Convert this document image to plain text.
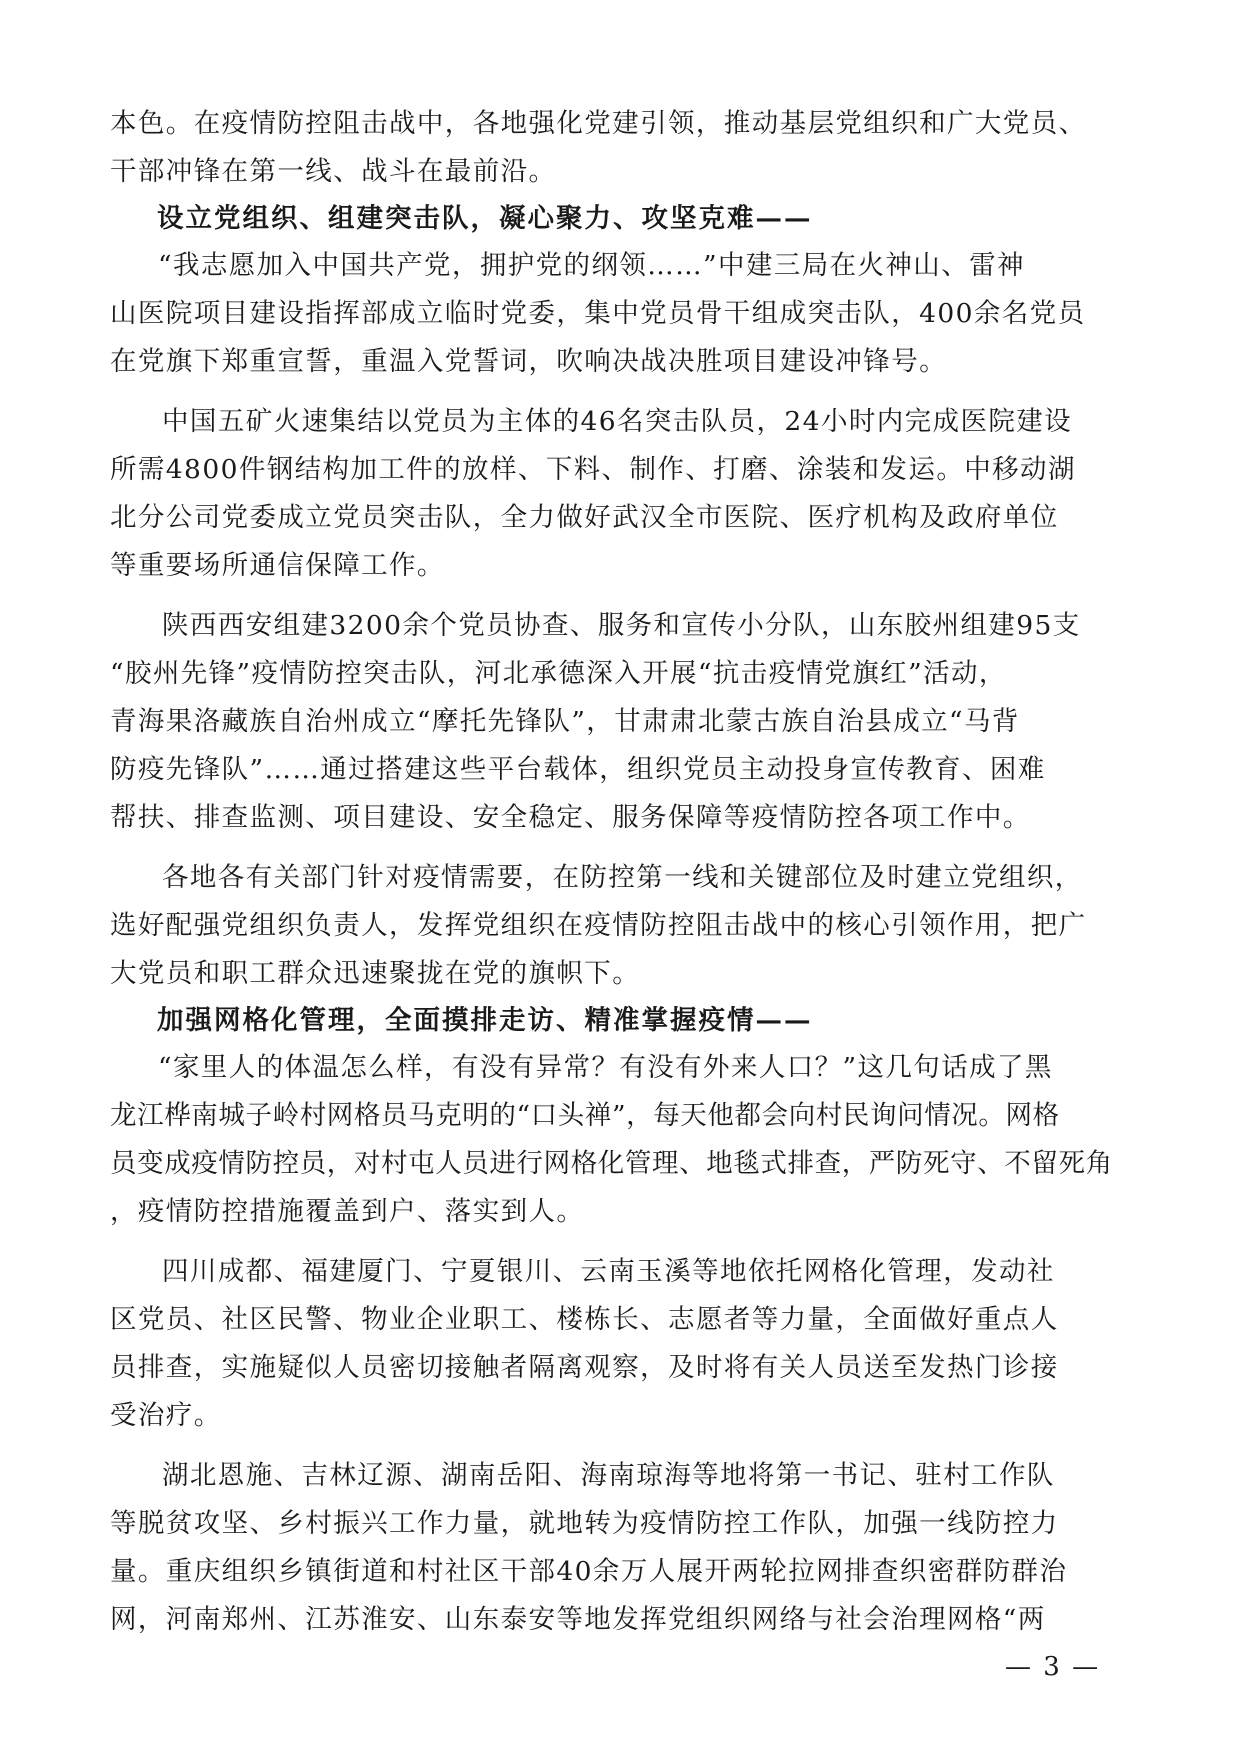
本色。在疫情防控阻击战中，各地强化党建引领，推动基层党组织和广大党员、
干部冲锋在第一线、战斗在最前沿。
设立党组织、组建突击队，凝心聚力、攻坚克难——
“我志愿加入中国共产党，拥护党的纲领……”中建三局在火神山、雷神
山医院项目建设指挥部成立临时党委，集中党员骨干组成突击队，400余名党员
在党旗下郑重宣誓，重温入党誓词，吹响决战决胜项目建设冲锋号。
中国五矿火速集结以党员为主体的46名突击队员，24小时内完成医院建设
所需4800件钢结构加工件的放样、下料、制作、打磨、涂装和发运。中移动湖
北分公司党委成立党员突击队，全力做好武汉全市医院、医疗机构及政府单位
等重要场所通信保障工作。
陕西西安组建3200余个党员协查、服务和宣传小分队，山东胶州组建95支
“胶州先锋”疫情防控突击队，河北承德深入开展“抗击疫情党旗红”活动，
青海果洛藏族自治州成立“摩托先锋队”，甘肃肃北蒙古族自治县成立“马背
防疫先锋队”……通过搭建这些平台载体，组织党员主动投身宣传教育、困难
帮扶、排查监测、项目建设、安全稳定、服务保障等疫情防控各项工作中。
各地各有关部门针对疫情需要，在防控第一线和关键部位及时建立党组织，
选好配强党组织负责人，发挥党组织在疫情防控阻击战中的核心引领作用，把广
大党员和职工群众迅速聚拢在党的旗帜下。
加强网格化管理，全面摸排走访、精准掌握疫情——
“家里人的体温怎么样，有没有异常？有没有外来人口？”这几句话成了黑
龙江桦南城子岭村网格员马克明的“口头禅”，每天他都会向村民询问情况。网格
员变成疫情防控员，对村屯人员进行网格化管理、地毯式排查，严防死守、不留死角
，疫情防控措施覆盖到户、落实到人。
四川成都、福建厦门、宁夏银川、云南玉溪等地依托网格化管理，发动社
区党员、社区民警、物业企业职工、楼栋长、志愿者等力量，全面做好重点人
员排查，实施疑似人员密切接触者隔离观察，及时将有关人员送至发热门诊接
受治疗。
湖北恩施、吉林辽源、湖南岳阳、海南琼海等地将第一书记、驻村工作队
等脱贫攻坚、乡村振兴工作力量，就地转为疫情防控工作队，加强一线防控力
量。重庆组织乡镇街道和村社区干部40余万人展开两轮拉网排查织密群防群治
网，河南郑州、江苏淮安、山东泰安等地发挥党组织网络与社会治理网格“两
— 3 —
